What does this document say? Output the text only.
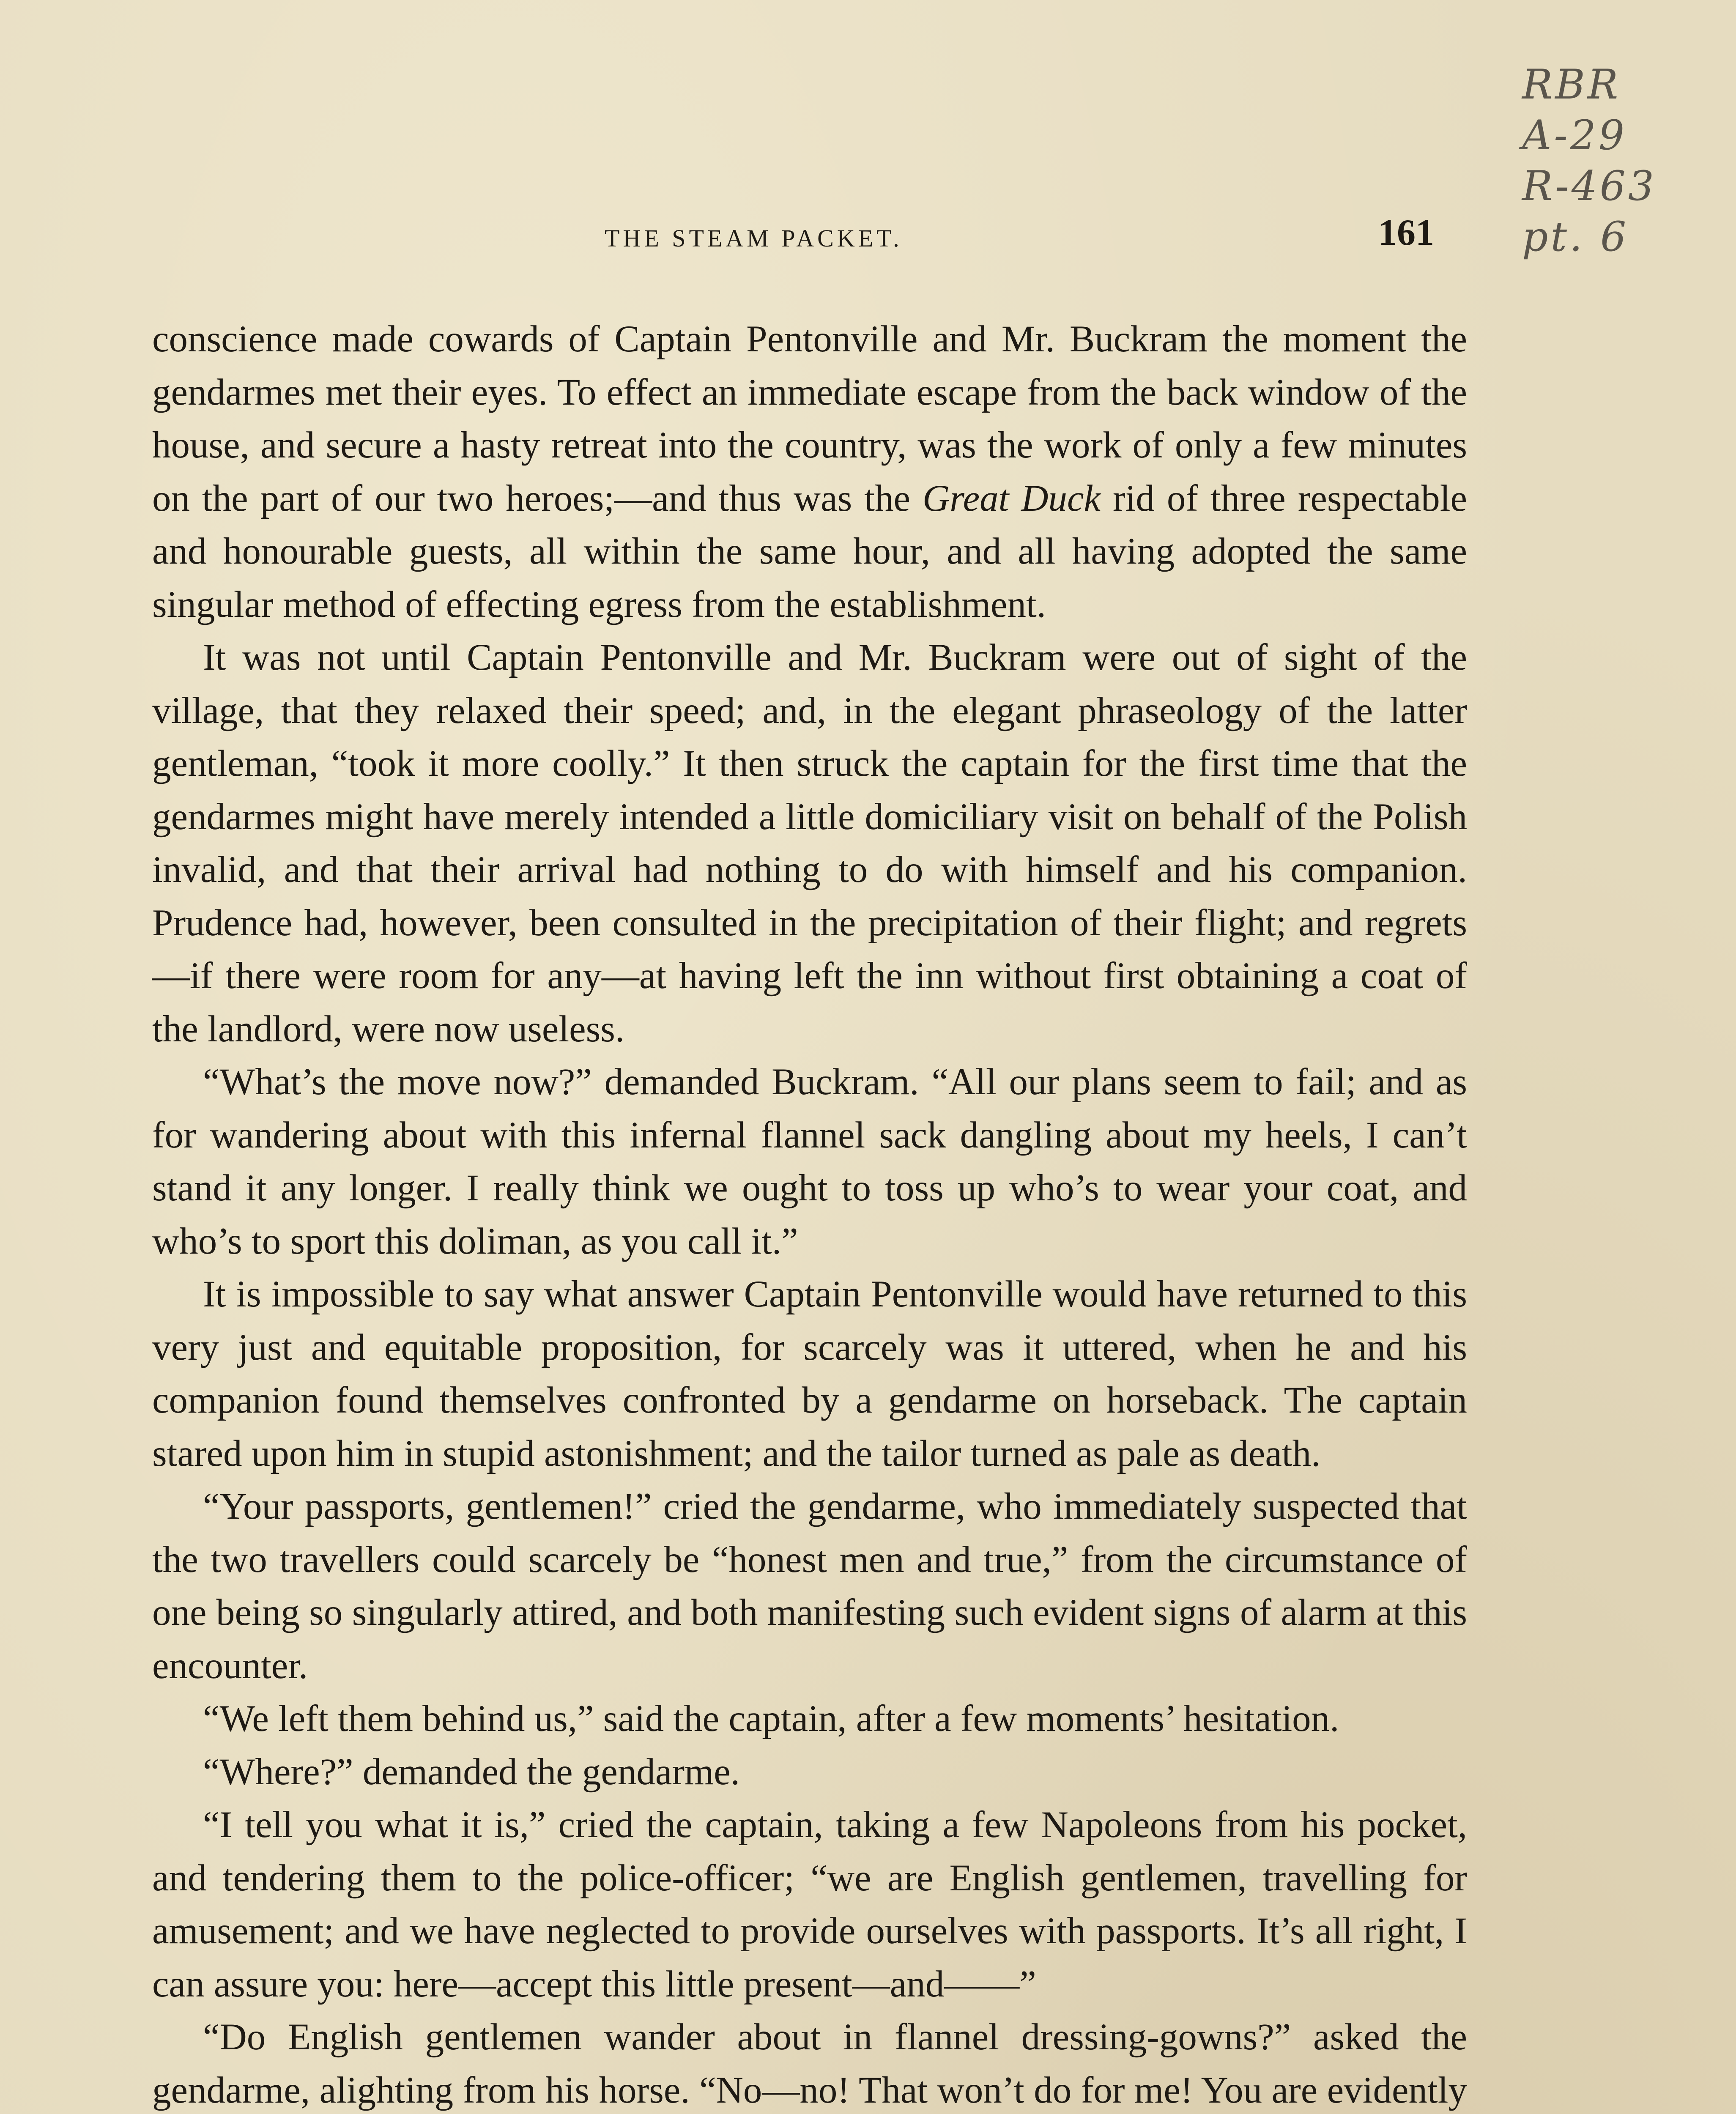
RBR
A-29
R-463
pt. 6
THE STEAM PACKET.	161

conscience made cowards of Captain Pentonville and Mr. Buckram the moment the gendarmes met their eyes. To effect an immediate escape from the back window of the house, and secure a hasty retreat into the country, was the work of only a few minutes on the part of our two heroes;—and thus was the Great Duck rid of three respectable and honourable guests, all within the same hour, and all having adopted the same singular method of effecting egress from the establishment.

It was not until Captain Pentonville and Mr. Buckram were out of sight of the village, that they relaxed their speed; and, in the elegant phraseology of the latter gentleman, “took it more coolly.” It then struck the captain for the first time that the gendarmes might have merely intended a little domiciliary visit on behalf of the Polish invalid, and that their arrival had nothing to do with himself and his companion. Prudence had, however, been consulted in the precipitation of their flight; and regrets—if there were room for any—at having left the inn without first obtaining a coat of the landlord, were now useless.

“What’s the move now?” demanded Buckram. “All our plans seem to fail; and as for wandering about with this infernal flannel sack dangling about my heels, I can’t stand it any longer. I really think we ought to toss up who’s to wear your coat, and who’s to sport this doliman, as you call it.”

It is impossible to say what answer Captain Pentonville would have returned to this very just and equitable proposition, for scarcely was it uttered, when he and his companion found themselves confronted by a gendarme on horseback. The captain stared upon him in stupid astonishment; and the tailor turned as pale as death.

“Your passports, gentlemen!” cried the gendarme, who immediately suspected that the two travellers could scarcely be “honest men and true,” from the circumstance of one being so singularly attired, and both manifesting such evident signs of alarm at this encounter.

“We left them behind us,” said the captain, after a few moments’ hesitation.

“Where?” demanded the gendarme.

“I tell you what it is,” cried the captain, taking a few Napoleons from his pocket, and tendering them to the police-officer; “we are English gentlemen, travelling for amusement; and we have neglected to provide ourselves with passports. It’s all right, I can assure you: here—accept this little present—and——”

“Do English gentlemen wander about in flannel dressing-gowns?” asked the gendarme, alighting from his horse. “No—no! That won’t do for me! You are evidently
